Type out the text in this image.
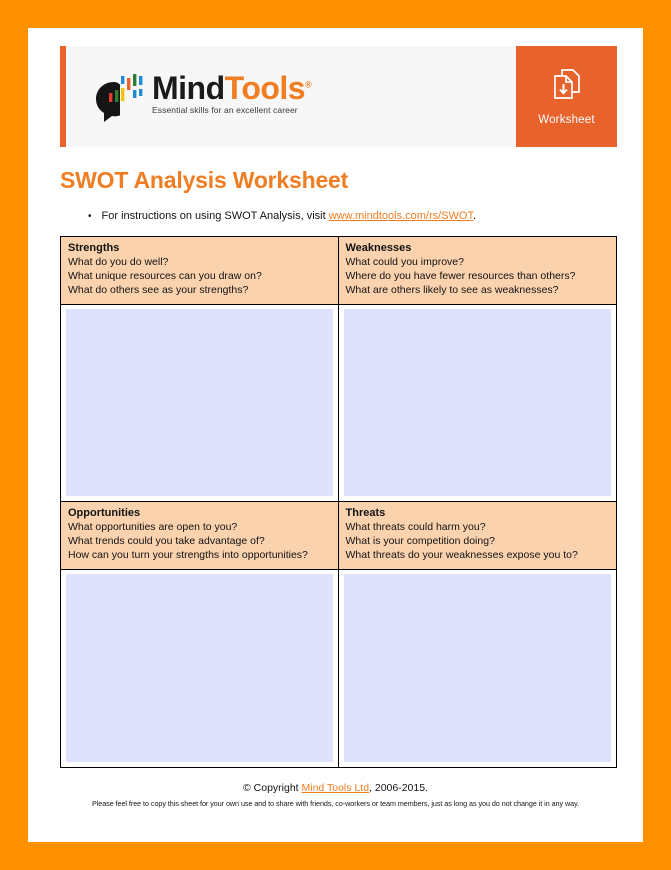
MindTools®
Essential skills for an excellent career
Worksheet
SWOT Analysis Worksheet
• For instructions on using SWOT Analysis, visit www.mindtools.com/rs/SWOT.
Strengths
What do you do well?
What unique resources can you draw on?
What do others see as your strengths?
Weaknesses
What could you improve?
Where do you have fewer resources than others?
What are others likely to see as weaknesses?
Opportunities
What opportunities are open to you?
What trends could you take advantage of?
How can you turn your strengths into opportunities?
Threats
What threats could harm you?
What is your competition doing?
What threats do your weaknesses expose you to?
© Copyright Mind Tools Ltd, 2006-2015.
Please feel free to copy this sheet for your own use and to share with friends, co-workers or team members, just as long as you do not change it in any way.
